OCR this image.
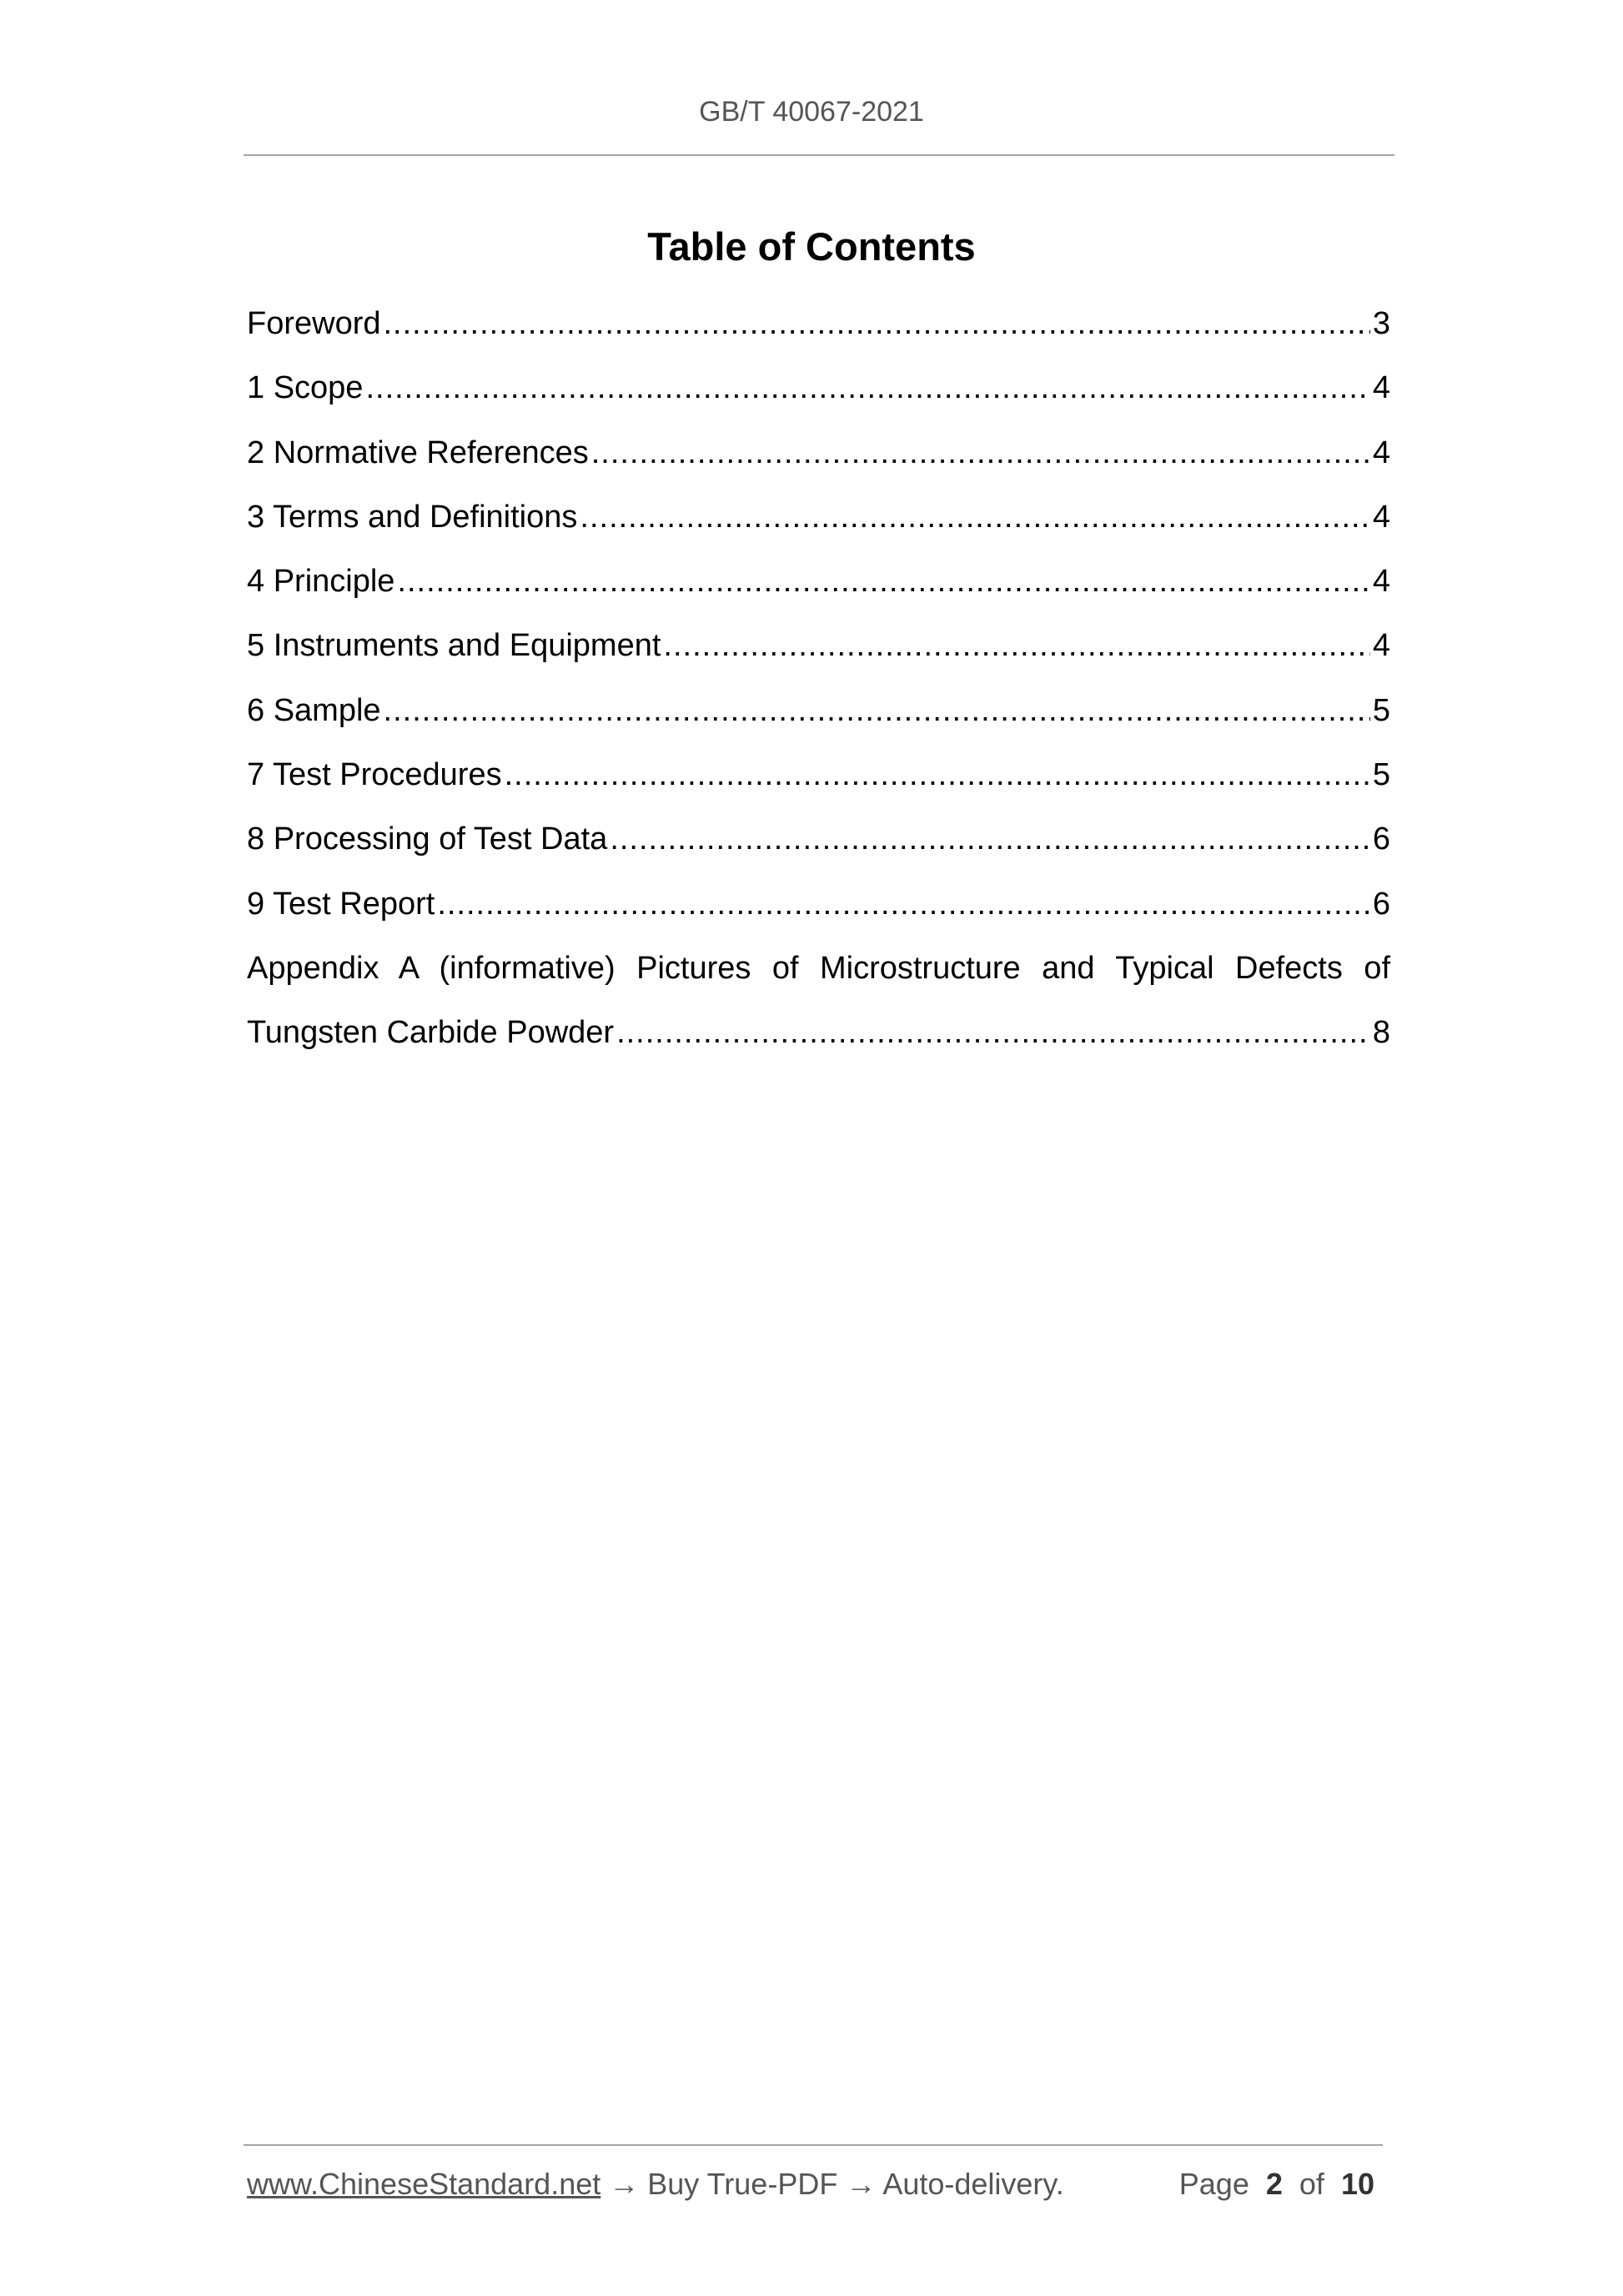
GB/T 40067-2021
Table of Contents
Foreword .....	3
1 Scope .....	4
2 Normative References .....	4
3 Terms and Definitions .....	4
4 Principle .....	4
5 Instruments and Equipment .....	4
6 Sample .....	5
7 Test Procedures .....	5
8 Processing of Test Data .....	6
9 Test Report .....	6
Appendix A (informative) Pictures of Microstructure and Typical Defects of
Tungsten Carbide Powder .....	8
www.ChineseStandard.net → Buy True-PDF → Auto-delivery.	Page 2 of 10
